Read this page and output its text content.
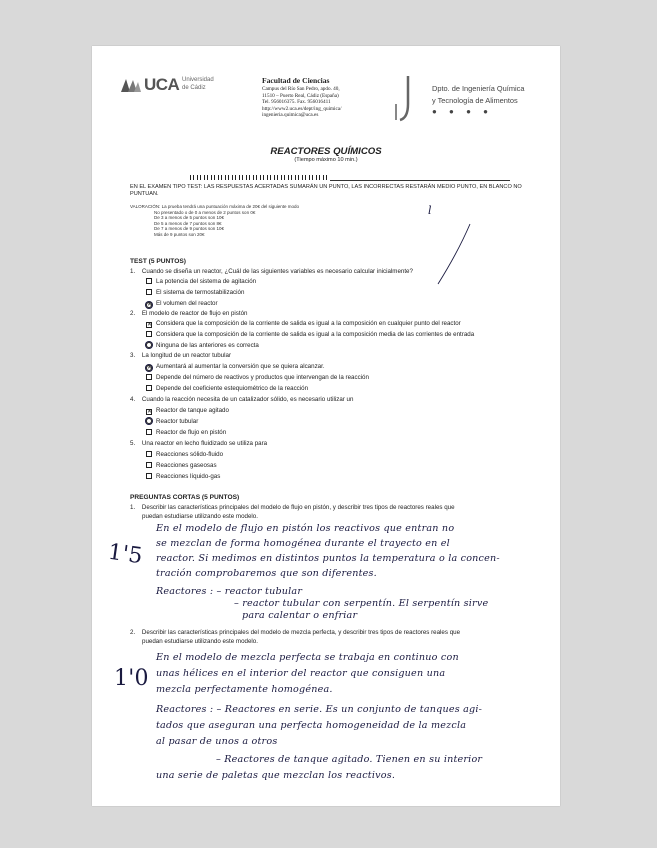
UCA Universidad
de Cádiz
Facultad de Ciencias
Campus del Río San Pedro, apdo. 40,
11510 – Puerto Real, Cádiz (España)
Tel. 956016375. Fax. 956016411
http://www2.uca.es/dept/ing_quimica/
ingenieria.quimica@uca.es
Dpto. de Ingeniería Química
y Tecnología de Alimentos
● ● ● ●
REACTORES QUÍMICOS
(Tiempo máximo 10 min.)
EN EL EXAMEN TIPO TEST: LAS RESPUESTAS ACERTADAS SUMARÁN UN PUNTO, LAS INCORRECTAS RESTARÁN MEDIO PUNTO, EN BLANCO NO PUNTUAN.
VALORACIÓN: La prueba tendrá una puntuación máxima de 20€ del siguiente modo
No presentado o de 0 a menos de 2 puntos son 0€
De 3 a menos de 5 puntos son 10€
De 5 a menos de 7 puntos son 8€
De 7 a menos de 9 puntos son 10€
Más de 9 puntos son 20€
l
TEST (5 PUNTOS)
1. Cuando se diseña un reactor, ¿Cuál de las siguientes variables es necesario calcular inicialmente?
La potencia del sistema de agitación
El sistema de termostabilización
✕ El volumen del reactor
2. El modelo de reactor de flujo en pistón
✕ Considera que la composición de la corriente de salida es igual a la composición en cualquier punto del reactor
Considera que la composición de la corriente de salida es igual a la composición media de las corrientes de entrada
Ninguna de las anteriores es correcta
3. La longitud de un reactor tubular
✕ Aumentará al aumentar la conversión que se quiera alcanzar.
Depende del número de reactivos y productos que intervengan de la reacción
Depende del coeficiente estequiométrico de la reacción
4. Cuando la reacción necesita de un catalizador sólido, es necesario utilizar un
✕ Reactor de tanque agitado
Reactor tubular
Reactor de flujo en pistón
5. Una reactor en lecho fluidizado se utiliza para
Reacciones sólido-fluido
Reacciones gaseosas
Reacciones líquido-gas
PREGUNTAS CORTAS (5 PUNTOS)
1. Describir las características principales del modelo de flujo en pistón, y describir tres tipos de reactores reales que
puedan estudiarse utilizando este modelo.
1'5
En el modelo de flujo en pistón los reactivos que entran no
se mezclan de forma homogénea durante el trayecto en el
reactor. Si medimos en distintos puntos la temperatura o la concen-
tración comprobaremos que son diferentes.
Reactores : – reactor tubular
– reactor tubular con serpentín. El serpentín sirve
para calentar o enfriar
2. Describir las características principales del modelo de mezcla perfecta, y describir tres tipos de reactores reales que
puedan estudiarse utilizando este modelo.
1'0
En el modelo de mezcla perfecta se trabaja en continuo con
unas hélices en el interior del reactor que consiguen una
mezcla perfectamente homogénea.
Reactores : – Reactores en serie. Es un conjunto de tanques agi-
tados que aseguran una perfecta homogeneidad de la mezcla
al pasar de unos a otros
– Reactores de tanque agitado. Tienen en su interior
una serie de paletas que mezclan los reactivos.
